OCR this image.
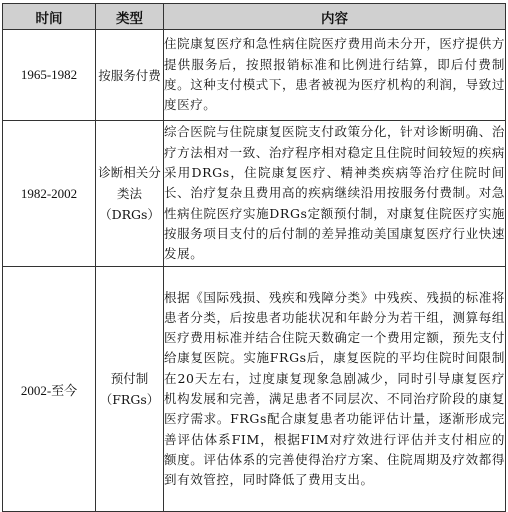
时间	类型	内容
1965-1982	按服务付费	住院康复医疗和急性病住院医疗费用尚未分开，医疗提供方提供服务后，按照报销标准和比例进行结算，即后付费制度。这种支付模式下，患者被视为医疗机构的利润，导致过度医疗。
1982-2002	诊断相关分类法（DRGs）	综合医院与住院康复医院支付政策分化，针对诊断明确、治疗方法相对一致、治疗程序相对稳定且住院时间较短的疾病采用DRGs，住院康复医疗、精神类疾病等治疗住院时间长、治疗复杂且费用高的疾病继续沿用按服务付费制。对急性病住院医疗实施DRGs定额预付制，对康复住院医疗实施按服务项目支付的后付制的差异推动美国康复医疗行业快速发展。
2002-至今	预付制（FRGs）	根据《国际残损、残疾和残障分类》中残疾、残损的标准将患者分类，后按患者功能状况和年龄分为若干组，测算每组医疗费用标准并结合住院天数确定一个费用定额，预先支付给康复医院。实施FRGs后，康复医院的平均住院时间限制在20天左右，过度康复现象急剧减少，同时引导康复医疗机构发展和完善，满足患者不同层次、不同治疗阶段的康复医疗需求。FRGs配合康复患者功能评估计量，逐渐形成完善评估体系FIM，根据FIM对疗效进行评估并支付相应的额度。评估体系的完善使得治疗方案、住院周期及疗效都得到有效管控，同时降低了费用支出。
